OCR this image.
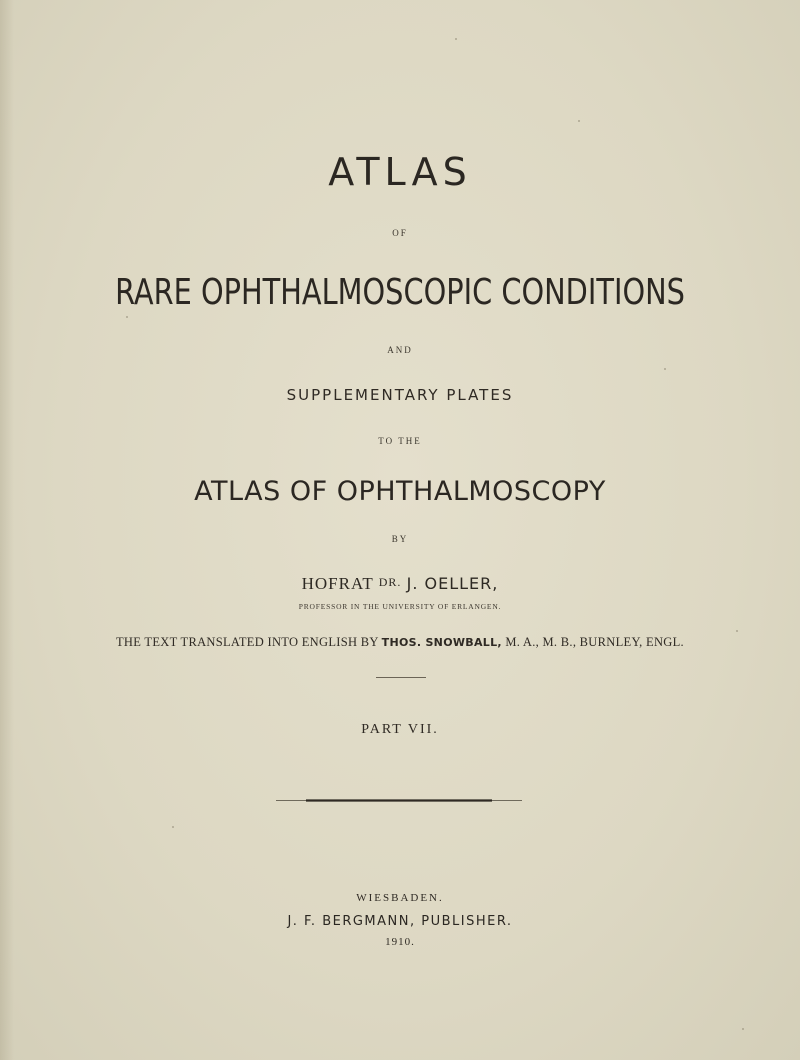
ATLAS
OF
RARE OPHTHALMOSCOPIC CONDITIONS
AND
SUPPLEMENTARY PLATES
TO THE
ATLAS OF OPHTHALMOSCOPY
BY
HOFRAT DR. J. OELLER,
PROFESSOR IN THE UNIVERSITY OF ERLANGEN.
THE TEXT TRANSLATED INTO ENGLISH BY THOS. SNOWBALL, M. A., M. B., BURNLEY, ENGL.
PART VII.
WIESBADEN.
J. F. BERGMANN, PUBLISHER.
1910.
